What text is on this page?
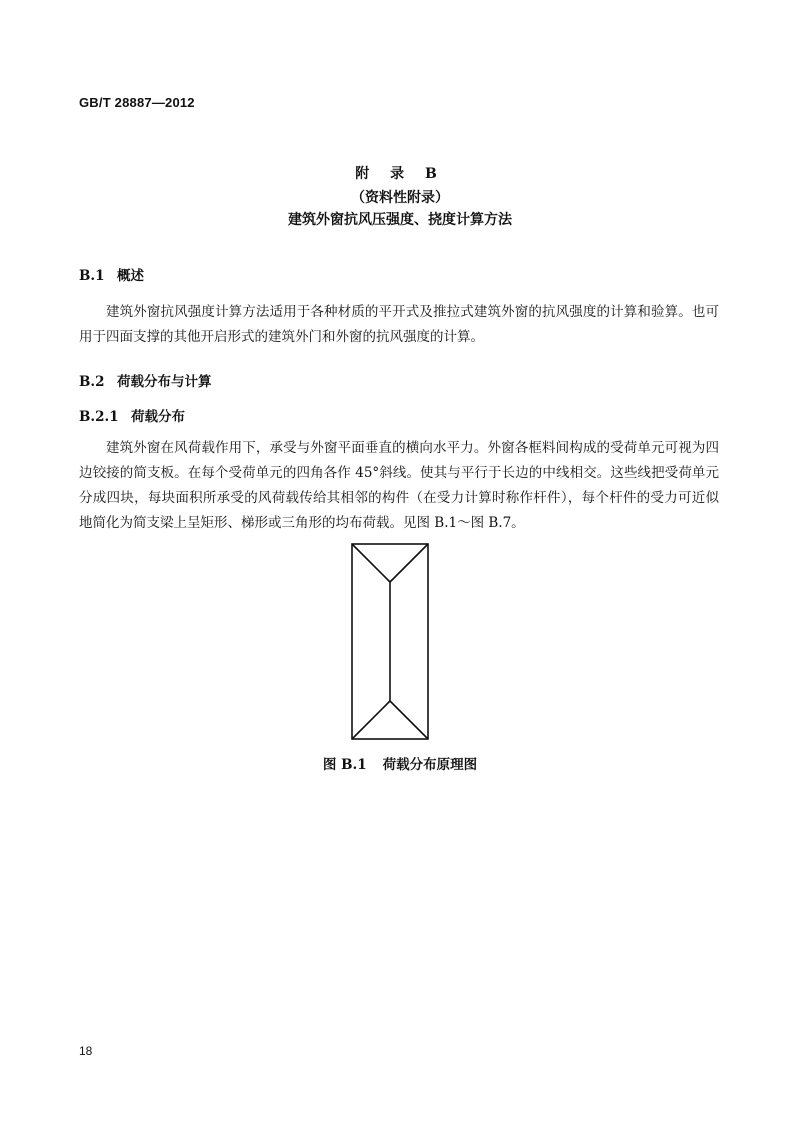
GB/T 28887—2012
附 录 B
（资料性附录）
建筑外窗抗风压强度、挠度计算方法
B.1 概述

建筑外窗抗风强度计算方法适用于各种材质的平开式及推拉式建筑外窗的抗风强度的计算和验算。也可用于四面支撑的其他开启形式的建筑外门和外窗的抗风强度的计算。

B.2 荷载分布与计算
B.2.1 荷载分布

建筑外窗在风荷载作用下，承受与外窗平面垂直的横向水平力。外窗各框料间构成的受荷单元可视为四边铰接的简支板。在每个受荷单元的四角各作 45°斜线。使其与平行于长边的中线相交。这些线把受荷单元分成四块，每块面积所承受的风荷载传给其相邻的构件（在受力计算时称作杆件），每个杆件的受力可近似地简化为简支梁上呈矩形、梯形或三角形的均布荷载。见图 B.1～图 B.7。

图 B.1 荷载分布原理图
18
